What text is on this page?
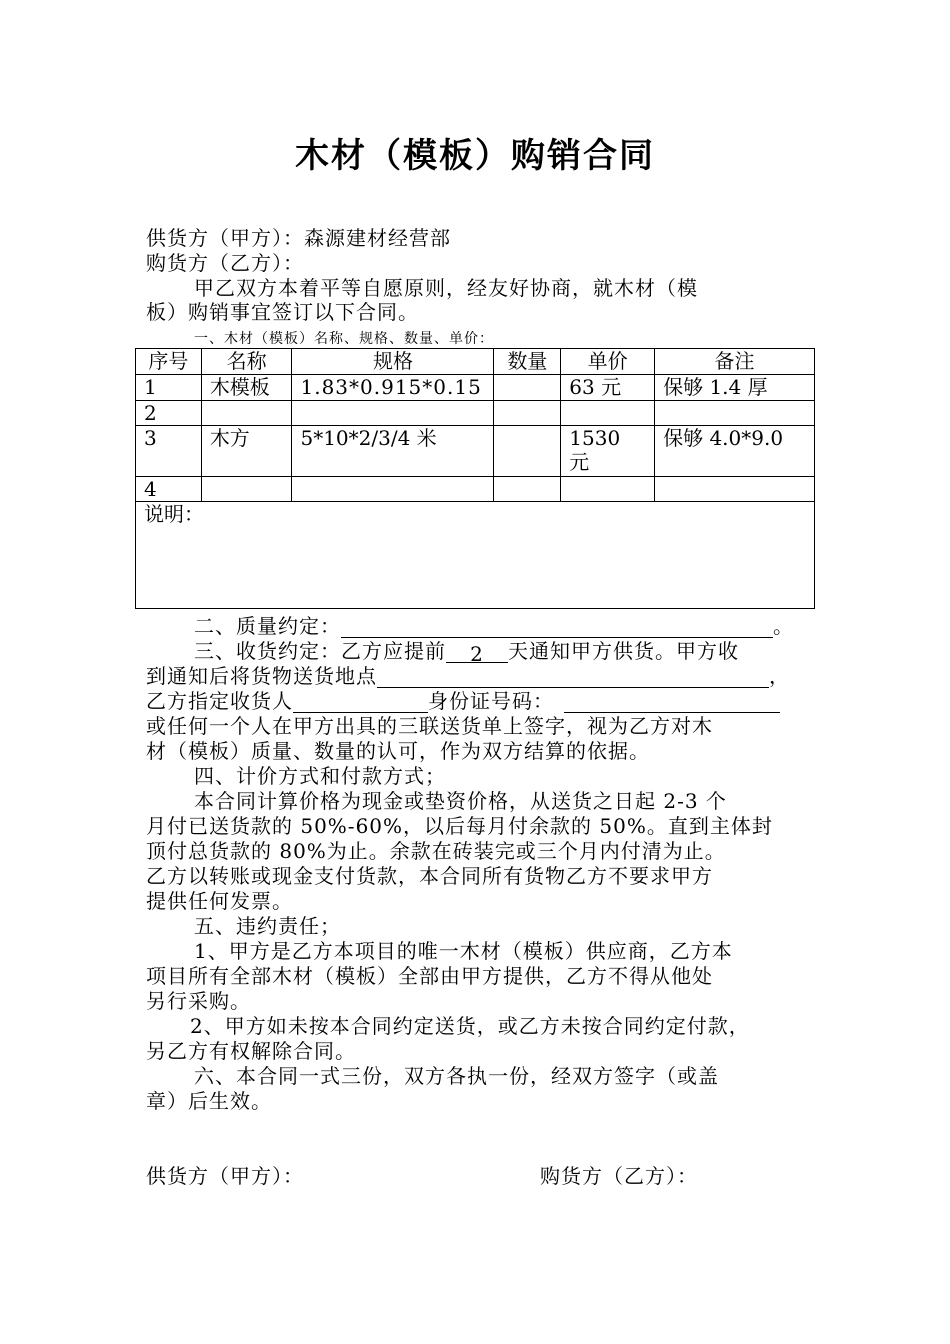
木材（模板）购销合同
供货方（甲方）：森源建材经营部
购货方（乙方）：
甲乙双方本着平等自愿原则，经友好协商，就木材（模
板）购销事宜签订以下合同。
一、木材（模板）名称、规格、数量、单价：
序号	名称	规格	数量	单价	备注
1	木模板	1.83*0.915*0.15		63 元	保够 1.4 厚
2					
3	木方	5*10*2/3/4 米		1530 元	保够 4.0*9.0
4					
说明：					
二、质量约定：	。
三、收货约定：乙方应提前 2 天通知甲方供货。甲方收
到通知后将货物送货地点	，
乙方指定收货人	身份证号码：
或任何一个人在甲方出具的三联送货单上签字，视为乙方对木
材（模板）质量、数量的认可，作为双方结算的依据。
四、计价方式和付款方式；
本合同计算价格为现金或垫资价格，从送货之日起 2-3 个
月付已送货款的 50%-60%，以后每月付余款的 50%。直到主体封
顶付总货款的 80%为止。余款在砖装完或三个月内付清为止。
乙方以转账或现金支付货款，本合同所有货物乙方不要求甲方
提供任何发票。
五、违约责任；
1、甲方是乙方本项目的唯一木材（模板）供应商，乙方本
项目所有全部木材（模板）全部由甲方提供，乙方不得从他处
另行采购。
2、甲方如未按本合同约定送货，或乙方未按合同约定付款，
另乙方有权解除合同。
六、本合同一式三份，双方各执一份，经双方签字（或盖
章）后生效。
供货方（甲方）：	购货方（乙方）：
